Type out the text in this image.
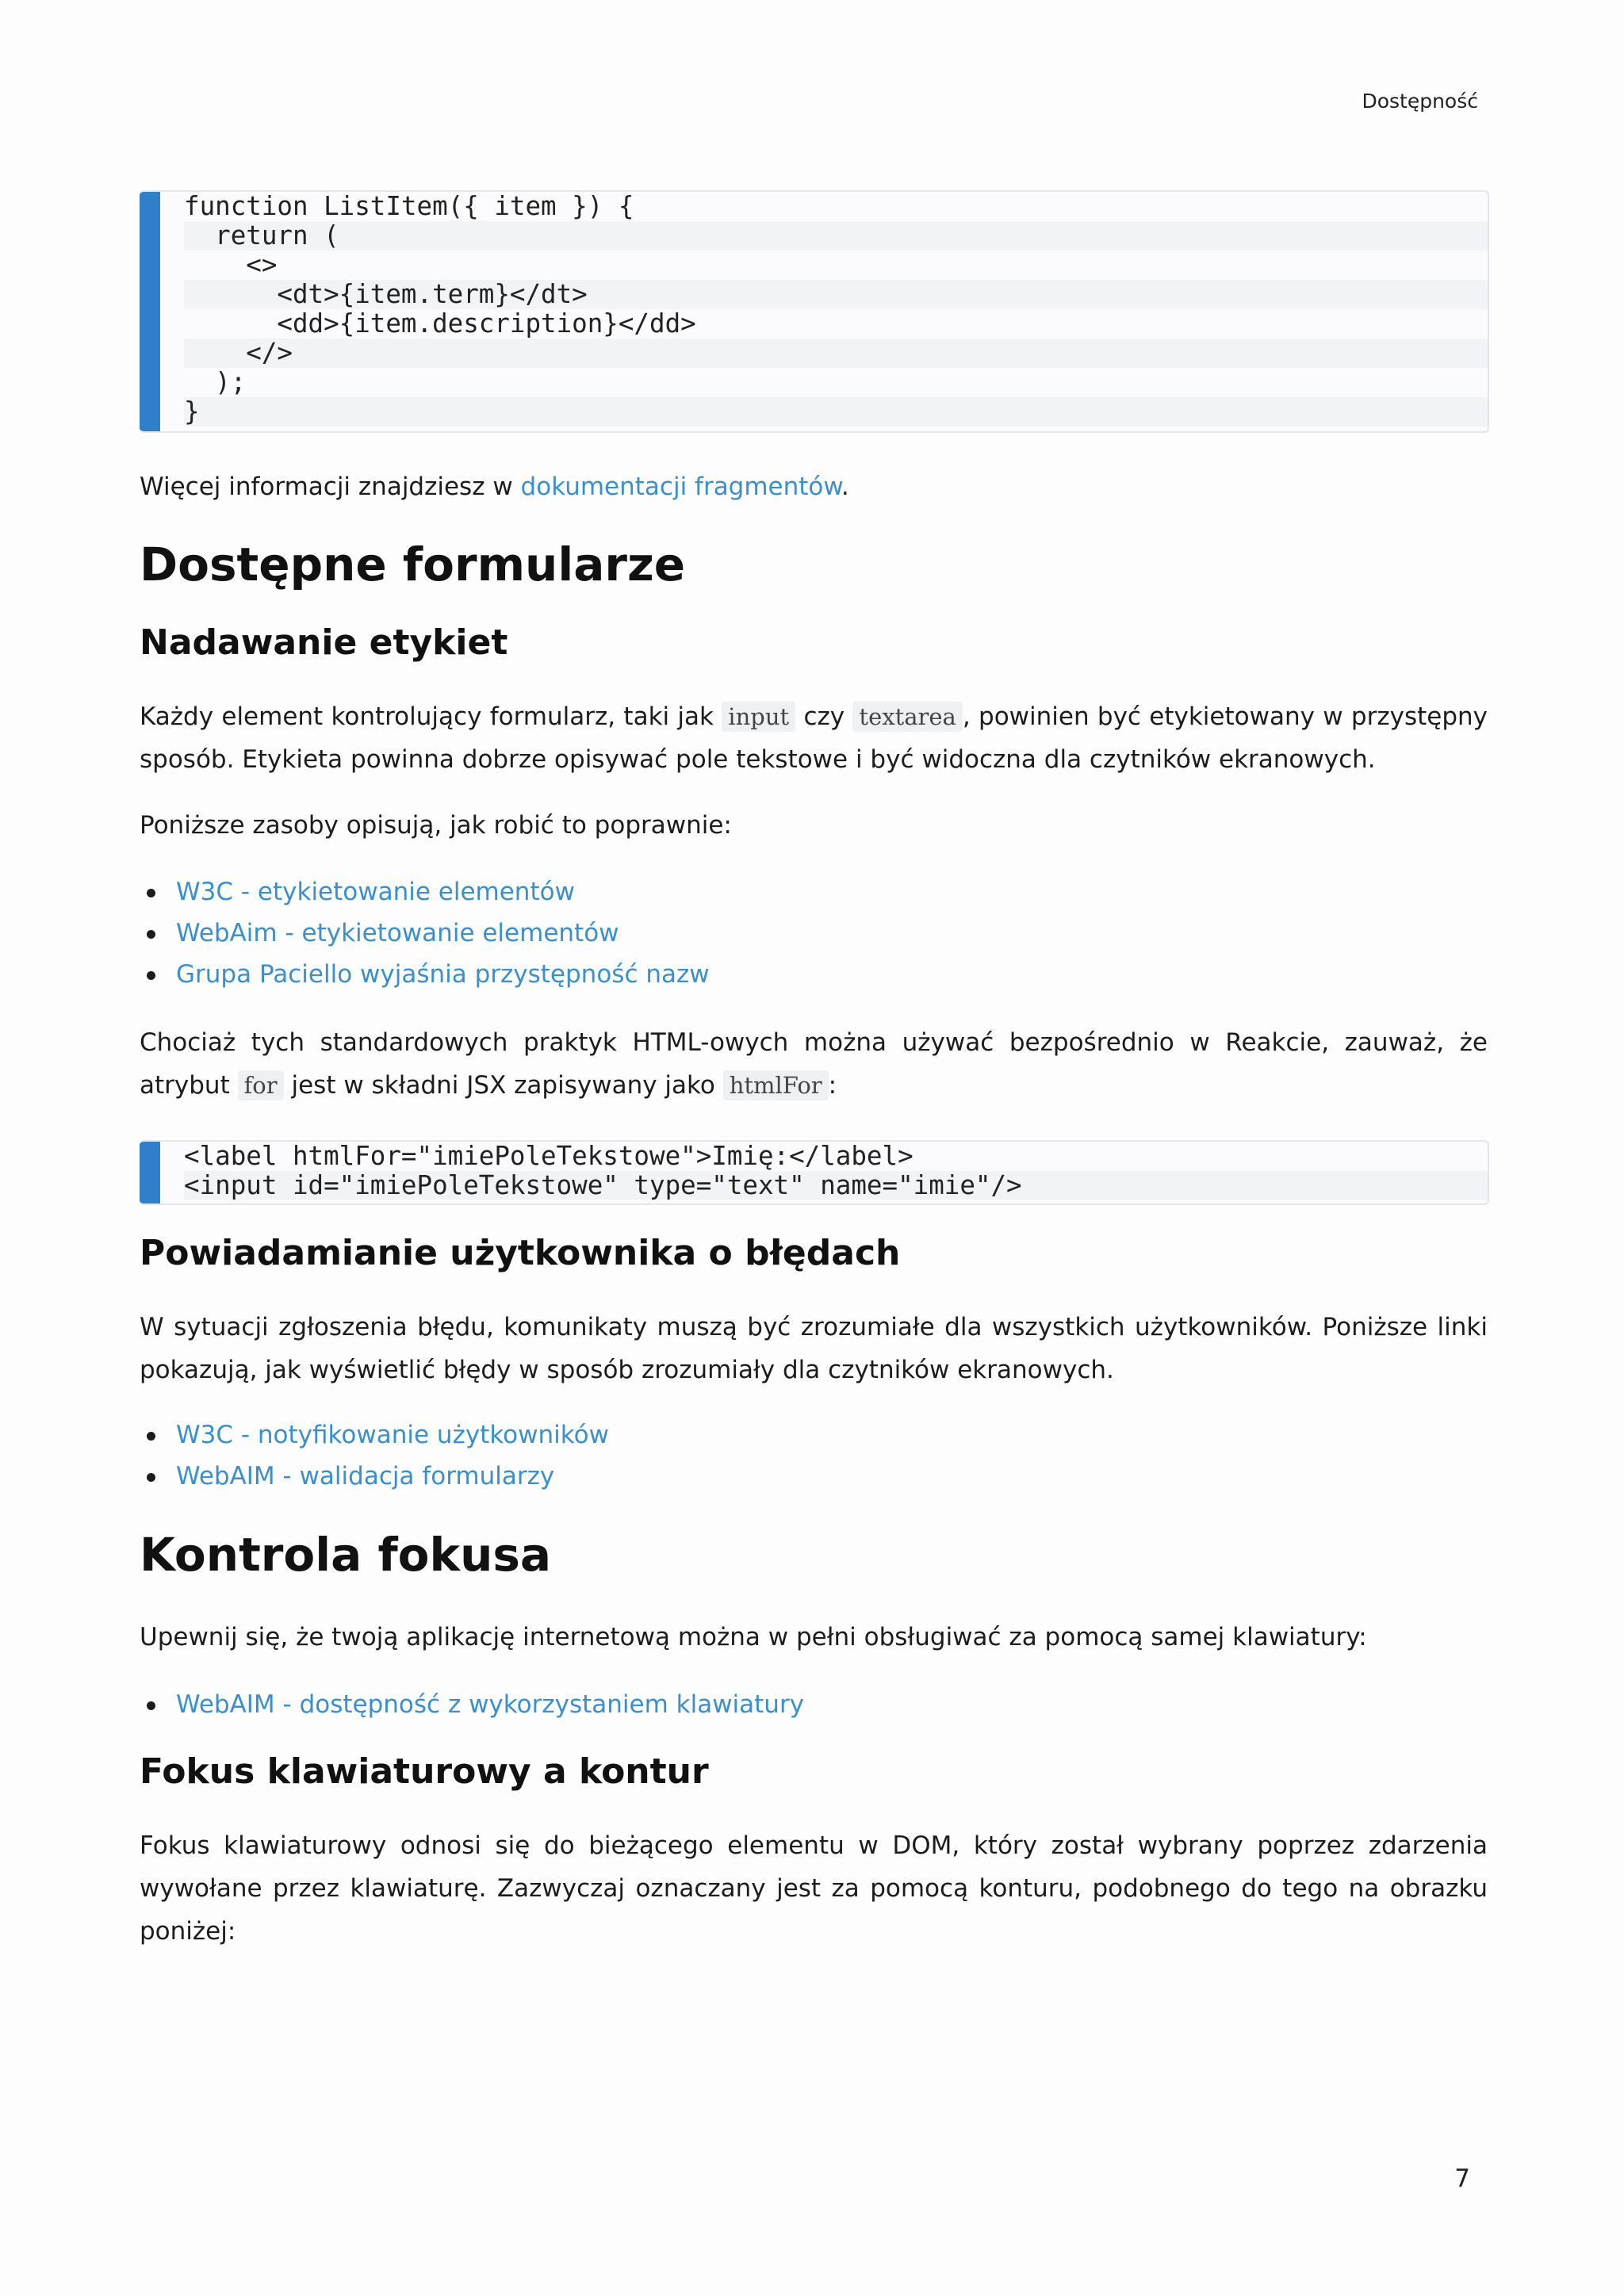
Dostępność
function ListItem({ item }) {
return (
<>
<dt>{item.term}</dt>
<dd>{item.description}</dd>
</>
);
}

Więcej informacji znajdziesz w dokumentacji fragmentów.

Dostępne formularze
Nadawanie etykiet

Każdy element kontrolujący formularz, taki jak input czy textarea , powinien być etykietowany w przystępny sposób. Etykieta powinna dobrze opisywać pole tekstowe i być widoczna dla czytników ekranowych.

Poniższe zasoby opisują, jak robić to poprawnie:

W3C - etykietowanie elementów
WebAim - etykietowanie elementów
Grupa Paciello wyjaśnia przystępność nazw

Chociaż tych standardowych praktyk HTML-owych można używać bezpośrednio w Reakcie, zauważ, że atrybut for jest w składni JSX zapisywany jako htmlFor :

<label htmlFor="imiePoleTekstowe">Imię:</label>
<input id="imiePoleTekstowe" type="text" name="imie"/>
Powiadamianie użytkownika o błędach

W sytuacji zgłoszenia błędu, komunikaty muszą być zrozumiałe dla wszystkich użytkowników. Poniższe linki pokazują, jak wyświetlić błędy w sposób zrozumiały dla czytników ekranowych.

W3C - notyfikowanie użytkowników
WebAIM - walidacja formularzy
Kontrola fokusa

Upewnij się, że twoją aplikację internetową można w pełni obsługiwać za pomocą samej klawiatury:

WebAIM - dostępność z wykorzystaniem klawiatury
Fokus klawiaturowy a kontur

Fokus klawiaturowy odnosi się do bieżącego elementu w DOM, który został wybrany poprzez zdarzenia wywołane przez klawiaturę. Zazwyczaj oznaczany jest za pomocą konturu, podobnego do tego na obrazku poniżej:

7
